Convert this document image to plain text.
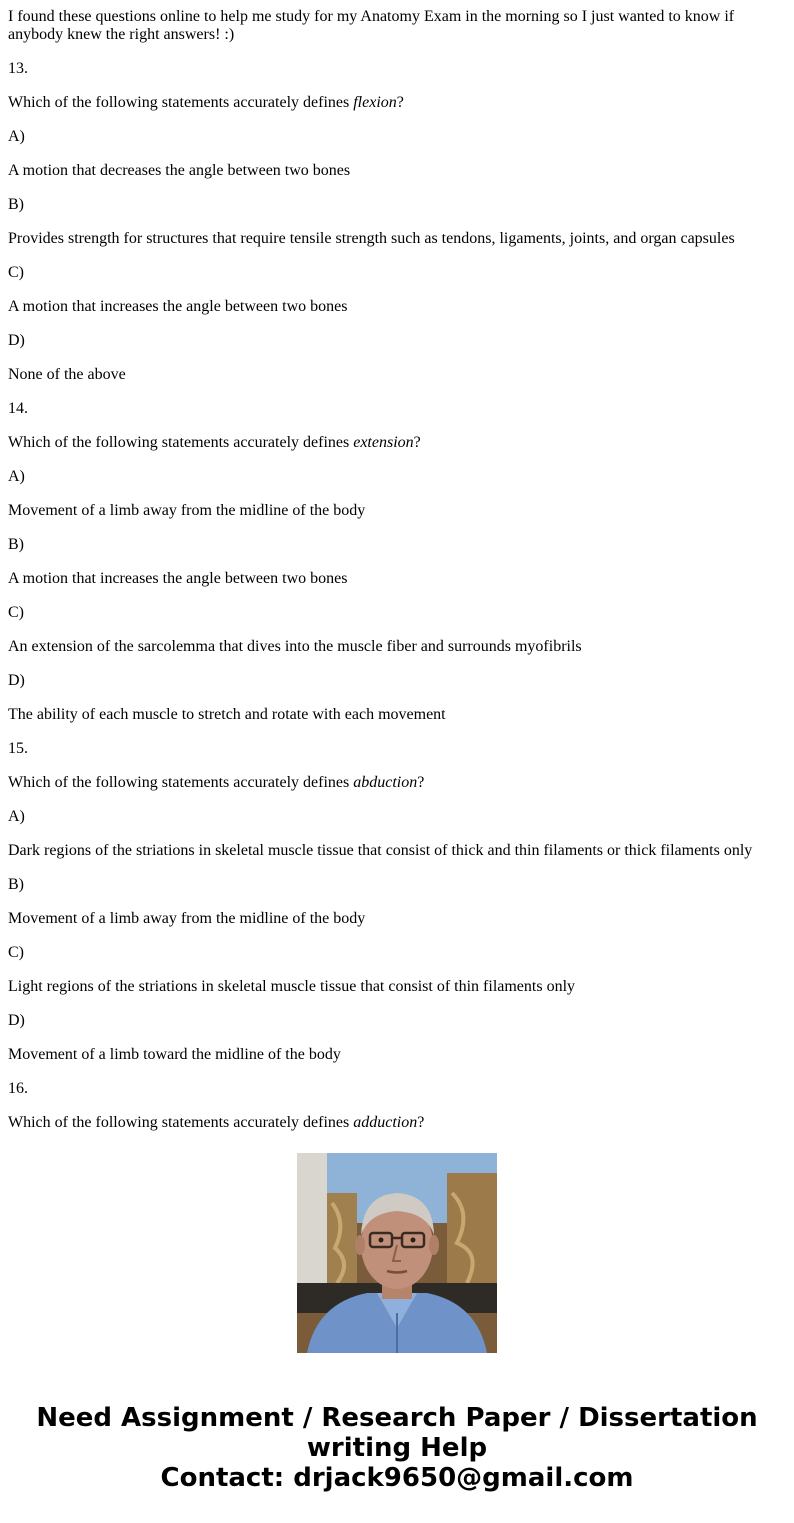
I found these questions online to help me study for my Anatomy Exam in the morning so I just wanted to know if anybody knew the right answers! :)

13.

Which of the following statements accurately defines flexion?

A)

A motion that decreases the angle between two bones

B)

Provides strength for structures that require tensile strength such as tendons, ligaments, joints, and organ capsules

C)

A motion that increases the angle between two bones

D)

None of the above

14.

Which of the following statements accurately defines extension?

A)

Movement of a limb away from the midline of the body

B)

A motion that increases the angle between two bones

C)

An extension of the sarcolemma that dives into the muscle fiber and surrounds myofibrils

D)

The ability of each muscle to stretch and rotate with each movement

15.

Which of the following statements accurately defines abduction?

A)

Dark regions of the striations in skeletal muscle tissue that consist of thick and thin filaments or thick filaments only

B)

Movement of a limb away from the midline of the body

C)

Light regions of the striations in skeletal muscle tissue that consist of thin filaments only

D)

Movement of a limb toward the midline of the body

16.

Which of the following statements accurately defines adduction?

Need Assignment / Research Paper / Dissertation
writing Help
Contact: drjack9650@gmail.com
